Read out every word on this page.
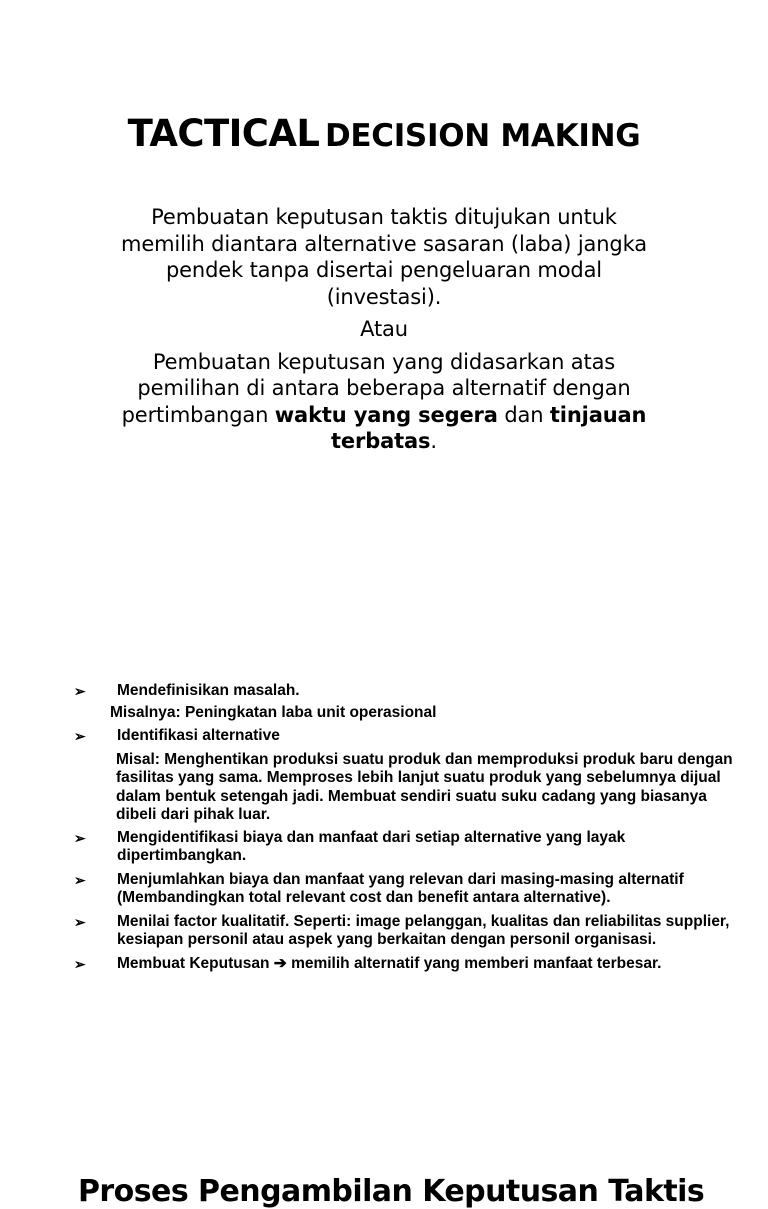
TACTICAL DECISION MAKING

Pembuatan keputusan taktis ditujukan untuk memilih diantara alternative sasaran (laba) jangka pendek tanpa disertai pengeluaran modal (investasi).

Atau

Pembuatan keputusan yang didasarkan atas pemilihan di antara beberapa alternatif dengan pertimbangan waktu yang segera dan tinjauan terbatas.

Proses Pengambilan Keputusan Taktis
➢ Mendefinisikan masalah.
Misalnya: Peningkatan laba unit operasional
➢ Identifikasi alternative
Misal: Menghentikan produksi suatu produk dan memproduksi produk baru dengan fasilitas yang sama. Memproses lebih lanjut suatu produk yang sebelumnya dijual dalam bentuk setengah jadi. Membuat sendiri suatu suku cadang yang biasanya dibeli dari pihak luar.
➢ Mengidentifikasi biaya dan manfaat dari setiap alternative yang layak dipertimbangkan.
➢ Menjumlahkan biaya dan manfaat yang relevan dari masing-masing alternatif (Membandingkan total relevant cost dan benefit antara alternative).
➢ Menilai factor kualitatif. Seperti: image pelanggan, kualitas dan reliabilitas supplier, kesiapan personil atau aspek yang berkaitan dengan personil organisasi.
➢ Membuat Keputusan ➔ memilih alternatif yang memberi manfaat terbesar.
